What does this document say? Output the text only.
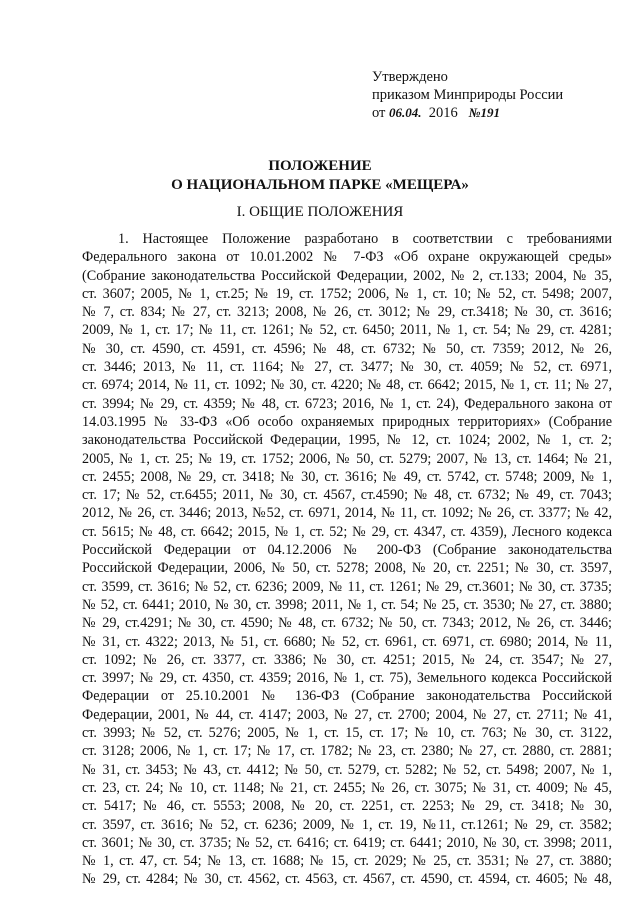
Утверждено
приказом Минприроды России
от 06.04. 2016 №191
ПОЛОЖЕНИЕ
О НАЦИОНАЛЬНОМ ПАРКЕ «МЕЩЕРА»
I. ОБЩИЕ ПОЛОЖЕНИЯ
1. Настоящее Положение разработано в соответствии с требованиями
Федерального закона от 10.01.2002 № 7-ФЗ «Об охране окружающей среды»
(Собрание законодательства Российской Федерации, 2002, № 2, ст.133; 2004, № 35,
ст. 3607; 2005, № 1, ст.25; № 19, ст. 1752; 2006, № 1, ст. 10; № 52, ст. 5498; 2007,
№ 7, ст. 834; № 27, ст. 3213; 2008, № 26, ст. 3012; № 29, ст.3418; № 30, ст. 3616;
2009, № 1, ст. 17; № 11, ст. 1261; № 52, ст. 6450; 2011, № 1, ст. 54; № 29, ст. 4281;
№ 30, ст. 4590, ст. 4591, ст. 4596; № 48, ст. 6732; № 50, ст. 7359; 2012, № 26,
ст. 3446; 2013, № 11, ст. 1164; № 27, ст. 3477; № 30, ст. 4059; № 52, ст. 6971,
ст. 6974; 2014, № 11, ст. 1092; № 30, ст. 4220; № 48, ст. 6642; 2015, № 1, ст. 11; № 27,
ст. 3994; № 29, ст. 4359; № 48, ст. 6723; 2016, № 1, ст. 24), Федерального закона от
14.03.1995 № 33-ФЗ «Об особо охраняемых природных территориях» (Собрание
законодательства Российской Федерации, 1995, № 12, ст. 1024; 2002, № 1, ст. 2;
2005, № 1, ст. 25; № 19, ст. 1752; 2006, № 50, ст. 5279; 2007, № 13, ст. 1464; № 21,
ст. 2455; 2008, № 29, ст. 3418; № 30, ст. 3616; № 49, ст. 5742, ст. 5748; 2009, № 1,
ст. 17; № 52, ст.6455; 2011, № 30, ст. 4567, ст.4590; № 48, ст. 6732; № 49, ст. 7043;
2012, № 26, ст. 3446; 2013, №52, ст. 6971, 2014, № 11, ст. 1092; № 26, ст. 3377; № 42,
ст. 5615; № 48, ст. 6642; 2015, № 1, ст. 52; № 29, ст. 4347, ст. 4359), Лесного кодекса
Российской Федерации от 04.12.2006 № 200-ФЗ (Собрание законодательства
Российской Федерации, 2006, № 50, ст. 5278; 2008, № 20, ст. 2251; № 30, ст. 3597,
ст. 3599, ст. 3616; № 52, ст. 6236; 2009, № 11, ст. 1261; № 29, ст.3601; № 30, ст. 3735;
№ 52, ст. 6441; 2010, № 30, ст. 3998; 2011, № 1, ст. 54; № 25, ст. 3530; № 27, ст. 3880;
№ 29, ст.4291; № 30, ст. 4590; № 48, ст. 6732; № 50, ст. 7343; 2012, № 26, ст. 3446;
№ 31, ст. 4322; 2013, № 51, ст. 6680; № 52, ст. 6961, ст. 6971, ст. 6980; 2014, № 11,
ст. 1092; № 26, ст. 3377, ст. 3386; № 30, ст. 4251; 2015, № 24, ст. 3547; № 27,
ст. 3997; № 29, ст. 4350, ст. 4359; 2016, № 1, ст. 75), Земельного кодекса Российской
Федерации от 25.10.2001 № 136-ФЗ (Собрание законодательства Российской
Федерации, 2001, № 44, ст. 4147; 2003, № 27, ст. 2700; 2004, № 27, ст. 2711; № 41,
ст. 3993; № 52, ст. 5276; 2005, № 1, ст. 15, ст. 17; № 10, ст. 763; № 30, ст. 3122,
ст. 3128; 2006, № 1, ст. 17; № 17, ст. 1782; № 23, ст. 2380; № 27, ст. 2880, ст. 2881;
№ 31, ст. 3453; № 43, ст. 4412; № 50, ст. 5279, ст. 5282; № 52, ст. 5498; 2007, № 1,
ст. 23, ст. 24; № 10, ст. 1148; № 21, ст. 2455; № 26, ст. 3075; № 31, ст. 4009; № 45,
ст. 5417; № 46, ст. 5553; 2008, № 20, ст. 2251, ст. 2253; № 29, ст. 3418; № 30,
ст. 3597, ст. 3616; № 52, ст. 6236; 2009, № 1, ст. 19, №11, ст.1261; № 29, ст. 3582;
ст. 3601; № 30, ст. 3735; № 52, ст. 6416; ст. 6419; ст. 6441; 2010, № 30, ст. 3998; 2011,
№ 1, ст. 47, ст. 54; № 13, ст. 1688; № 15, ст. 2029; № 25, ст. 3531; № 27, ст. 3880;
№ 29, ст. 4284; № 30, ст. 4562, ст. 4563, ст. 4567, ст. 4590, ст. 4594, ст. 4605; № 48,
